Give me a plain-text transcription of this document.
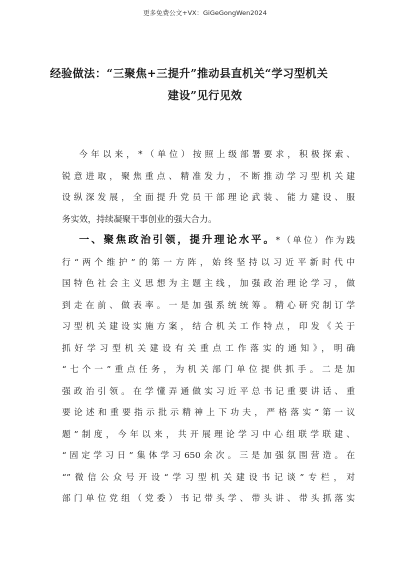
更多免费公文+VX：GiGeGongWen2024
经验做法：“三聚焦+三提升”推动县直机关“学习型机关
建设”见行见效
今年以来，*（单位）按照上级部署要求，积极探索、
锐意进取，聚焦重点、精准发力，不断推动学习型机关建
设纵深发展，全面提升党员干部理论武装、能力建设、服
务实效，持续凝聚干事创业的强大合力。
一、聚焦政治引领，提升理论水平。*（单位）作为践
行“两个维护”的第一方阵，始终坚持以习近平新时代中
国特色社会主义思想为主题主线，加强政治理论学习，做
到走在前、做表率。一是加强系统统筹。精心研究制订学
习型机关建设实施方案，结合机关工作特点，印发《关于
抓好学习型机关建设有关重点工作落实的通知》，明确
“七个一”重点任务，为机关部门单位提供抓手。二是加
强政治引领。在学懂弄通做实习近平总书记重要讲话、重
要论述和重要指示批示精神上下功夫，严格落实“第一议
题”制度，今年以来，共开展理论学习中心组联学联建、
“固定学习日”集体学习650余次。三是加强氛围营造。在
“”微信公众号开设“学习型机关建设书记谈”专栏，对
部门单位党组（党委）书记带头学、带头讲、带头抓落实
